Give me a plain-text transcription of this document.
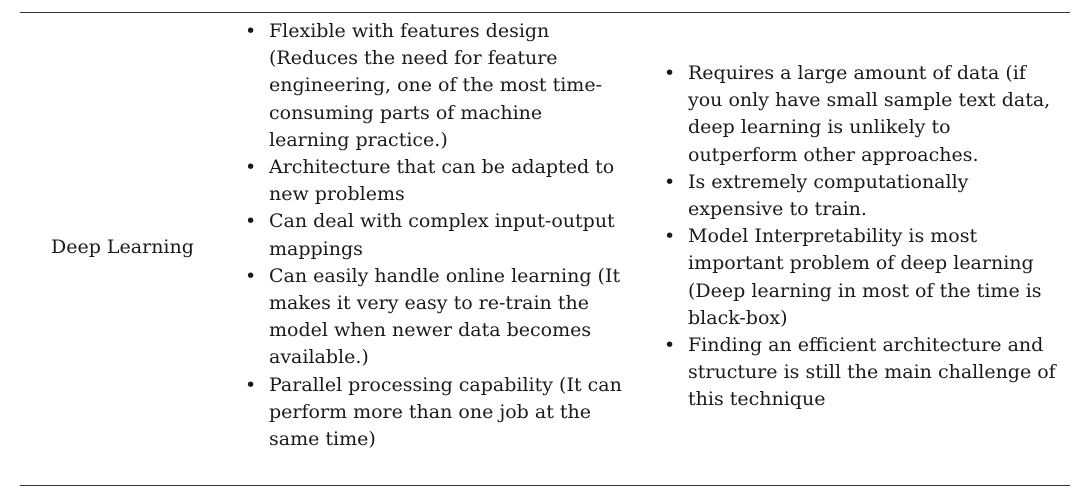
Deep Learning
• Flexible with features design (Reduces the need for feature engineering, one of the most time-consuming parts of machine learning practice.)
• Architecture that can be adapted to new problems
• Can deal with complex input-output mappings
• Can easily handle online learning (It makes it very easy to re-train the model when newer data becomes available.)
• Parallel processing capability (It can perform more than one job at the same time)
• Requires a large amount of data (if you only have small sample text data, deep learning is unlikely to outperform other approaches.
• Is extremely computationally expensive to train.
• Model Interpretability is most important problem of deep learning (Deep learning in most of the time is black-box)
• Finding an efficient architecture and structure is still the main challenge of this technique
